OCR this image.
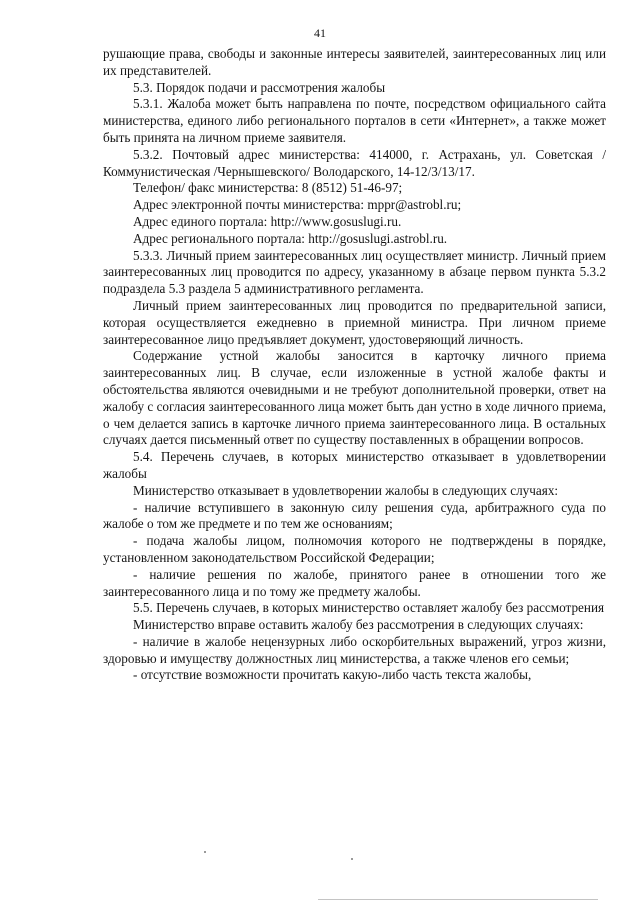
41

рушающие права, свободы и законные интересы заявителей, заинтересованных лиц или их представителей.

5.3. Порядок подачи и рассмотрения жалобы

5.3.1. Жалоба может быть направлена по почте, посредством официального сайта министерства, единого либо регионального порталов в сети «Интернет», а также может быть принята на личном приеме заявителя.

5.3.2. Почтовый адрес министерства: 414000, г. Астрахань, ул. Советская /Коммунистическая /Чернышевского/ Володарского, 14-12/3/13/17.

Телефон/ факс министерства: 8 (8512) 51-46-97;

Адрес электронной почты министерства: mppr@astrobl.ru;

Адрес единого портала: http://www.gosuslugi.ru.

Адрес регионального портала: http://gosuslugi.astrobl.ru.

5.3.3. Личный прием заинтересованных лиц осуществляет министр. Личный прием заинтересованных лиц проводится по адресу, указанному в абзаце первом пункта 5.3.2 подраздела 5.3 раздела 5 административного регламента.

Личный прием заинтересованных лиц проводится по предварительной записи, которая осуществляется ежедневно в приемной министра. При личном приеме заинтересованное лицо предъявляет документ, удостоверяющий личность.

Содержание устной жалобы заносится в карточку личного приема заинтересованных лиц. В случае, если изложенные в устной жалобе факты и обстоятельства являются очевидными и не требуют дополнительной проверки, ответ на жалобу с согласия заинтересованного лица может быть дан устно в ходе личного приема, о чем делается запись в карточке личного приема заинтересованного лица. В остальных случаях дается письменный ответ по существу поставленных в обращении вопросов.

5.4. Перечень случаев, в которых министерство отказывает в удовлетворении жалобы

Министерство отказывает в удовлетворении жалобы в следующих случаях:

- наличие вступившего в законную силу решения суда, арбитражного суда по жалобе о том же предмете и по тем же основаниям;

- подача жалобы лицом, полномочия которого не подтверждены в порядке, установленном законодательством Российской Федерации;

- наличие решения по жалобе, принятого ранее в отношении того же заинтересованного лица и по тому же предмету жалобы.

5.5. Перечень случаев, в которых министерство оставляет жалобу без рассмотрения

Министерство вправе оставить жалобу без рассмотрения в следующих случаях:

- наличие в жалобе нецензурных либо оскорбительных выражений, угроз жизни, здоровью и имуществу должностных лиц министерства, а также членов его семьи;

- отсутствие возможности прочитать какую-либо часть текста жалобы,
